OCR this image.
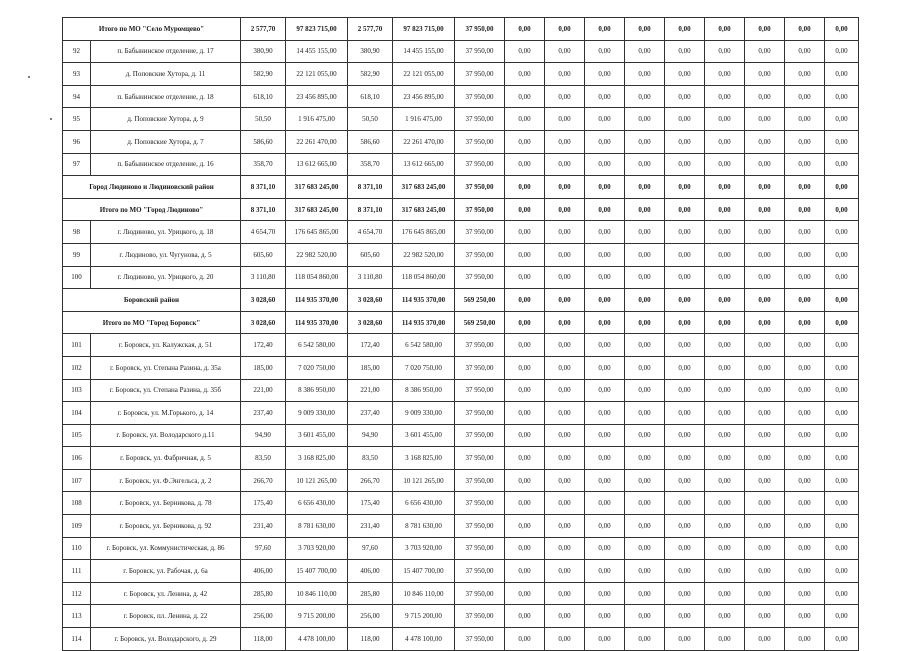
Итого по МО "Село Муромцево"		2 577,70	97 823 715,00	2 577,70	97 823 715,00	37 950,00	0,00	0,00	0,00	0,00	0,00	0,00	0,00	0,00	0,00
92	п. Бабынинское отделение, д. 17	380,90	14 455 155,00	380,90	14 455 155,00	37 950,00	0,00	0,00	0,00	0,00	0,00	0,00	0,00	0,00	0,00
93	д. Поповские Хутора, д. 11	582,90	22 121 055,00	582,90	22 121 055,00	37 950,00	0,00	0,00	0,00	0,00	0,00	0,00	0,00	0,00	0,00
94	п. Бабынинское отделение, д. 18	618,10	23 456 895,00	618,10	23 456 895,00	37 950,00	0,00	0,00	0,00	0,00	0,00	0,00	0,00	0,00	0,00
95	д. Поповские Хутора, д. 9	50,50	1 916 475,00	50,50	1 916 475,00	37 950,00	0,00	0,00	0,00	0,00	0,00	0,00	0,00	0,00	0,00
96	д. Поповские Хутора, д. 7	586,60	22 261 470,00	586,60	22 261 470,00	37 950,00	0,00	0,00	0,00	0,00	0,00	0,00	0,00	0,00	0,00
97	п. Бабынинское отделение, д. 16	358,70	13 612 665,00	358,70	13 612 665,00	37 950,00	0,00	0,00	0,00	0,00	0,00	0,00	0,00	0,00	0,00
Город Людиново и Людиновский район		8 371,10	317 683 245,00	8 371,10	317 683 245,00	37 950,00	0,00	0,00	0,00	0,00	0,00	0,00	0,00	0,00	0,00
Итого по МО "Город Людиново"		8 371,10	317 683 245,00	8 371,10	317 683 245,00	37 950,00	0,00	0,00	0,00	0,00	0,00	0,00	0,00	0,00	0,00
98	г. Людиново, ул. Урицкого, д. 18	4 654,70	176 645 865,00	4 654,70	176 645 865,00	37 950,00	0,00	0,00	0,00	0,00	0,00	0,00	0,00	0,00	0,00
99	г. Людиново, ул. Чугунова, д. 5	605,60	22 982 520,00	605,60	22 982 520,00	37 950,00	0,00	0,00	0,00	0,00	0,00	0,00	0,00	0,00	0,00
100	г. Людиново, ул. Урицкого, д. 20	3 110,80	118 054 860,00	3 110,80	118 054 860,00	37 950,00	0,00	0,00	0,00	0,00	0,00	0,00	0,00	0,00	0,00
Боровский район		3 028,60	114 935 370,00	3 028,60	114 935 370,00	569 250,00	0,00	0,00	0,00	0,00	0,00	0,00	0,00	0,00	0,00
Итого по МО "Город Боровск"		3 028,60	114 935 370,00	3 028,60	114 935 370,00	569 250,00	0,00	0,00	0,00	0,00	0,00	0,00	0,00	0,00	0,00
101	г. Боровск, ул. Калужская, д. 51	172,40	6 542 580,00	172,40	6 542 580,00	37 950,00	0,00	0,00	0,00	0,00	0,00	0,00	0,00	0,00	0,00
102	г. Боровск, ул. Степана Разина, д. 35а	185,00	7 020 750,00	185,00	7 020 750,00	37 950,00	0,00	0,00	0,00	0,00	0,00	0,00	0,00	0,00	0,00
103	г. Боровск, ул. Степана Разина, д. 35б	221,00	8 386 950,00	221,00	8 386 950,00	37 950,00	0,00	0,00	0,00	0,00	0,00	0,00	0,00	0,00	0,00
104	г. Боровск, ул. М.Горького, д. 14	237,40	9 009 330,00	237,40	9 009 330,00	37 950,00	0,00	0,00	0,00	0,00	0,00	0,00	0,00	0,00	0,00
105	г. Боровск, ул. Володарского д.11	94,90	3 601 455,00	94,90	3 601 455,00	37 950,00	0,00	0,00	0,00	0,00	0,00	0,00	0,00	0,00	0,00
106	г. Боровск, ул. Фабричная, д. 5	83,50	3 168 825,00	83,50	3 168 825,00	37 950,00	0,00	0,00	0,00	0,00	0,00	0,00	0,00	0,00	0,00
107	г. Боровск, ул. Ф.Энгельса, д. 2	266,70	10 121 265,00	266,70	10 121 265,00	37 950,00	0,00	0,00	0,00	0,00	0,00	0,00	0,00	0,00	0,00
108	г. Боровск, ул. Берникова, д. 78	175,40	6 656 430,00	175,40	6 656 430,00	37 950,00	0,00	0,00	0,00	0,00	0,00	0,00	0,00	0,00	0,00
109	г. Боровск, ул. Берникова, д. 92	231,40	8 781 630,00	231,40	8 781 630,00	37 950,00	0,00	0,00	0,00	0,00	0,00	0,00	0,00	0,00	0,00
110	г. Боровск, ул. Коммунистическая, д. 86	97,60	3 703 920,00	97,60	3 703 920,00	37 950,00	0,00	0,00	0,00	0,00	0,00	0,00	0,00	0,00	0,00
111	г. Боровск, ул. Рабочая, д. 6а	406,00	15 407 700,00	406,00	15 407 700,00	37 950,00	0,00	0,00	0,00	0,00	0,00	0,00	0,00	0,00	0,00
112	г. Боровск, ул. Ленина, д. 42	285,80	10 846 110,00	285,80	10 846 110,00	37 950,00	0,00	0,00	0,00	0,00	0,00	0,00	0,00	0,00	0,00
113	г. Боровск, пл. Ленина, д. 22	256,00	9 715 200,00	256,00	9 715 200,00	37 950,00	0,00	0,00	0,00	0,00	0,00	0,00	0,00	0,00	0,00
114	г. Боровск, ул. Володарского, д. 29	118,00	4 478 100,00	118,00	4 478 100,00	37 950,00	0,00	0,00	0,00	0,00	0,00	0,00	0,00	0,00	0,00
